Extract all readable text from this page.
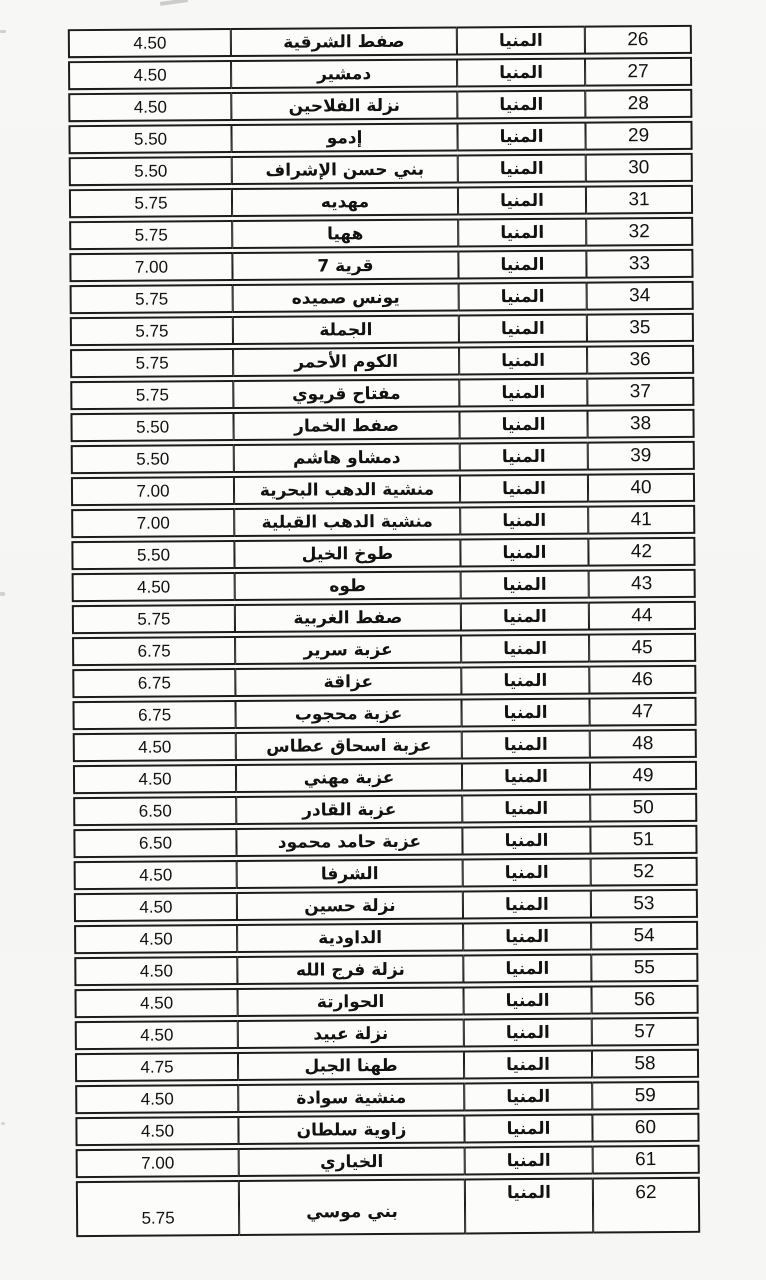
26	المنيا	صفط الشرقية	4.50
27	المنيا	دمشير	4.50
28	المنيا	نزلة الفلاحين	4.50
29	المنيا	إدمو	5.50
30	المنيا	بني حسن الإشراف	5.50
31	المنيا	مهديه	5.75
32	المنيا	ههيا	5.75
33	المنيا	قرية 7	7.00
34	المنيا	يونس صميده	5.75
35	المنيا	الجملة	5.75
36	المنيا	الكوم الأحمر	5.75
37	المنيا	مفتاح قريوي	5.75
38	المنيا	صفط الخمار	5.50
39	المنيا	دمشاو هاشم	5.50
40	المنيا	منشية الدهب البحرية	7.00
41	المنيا	منشية الدهب القبلية	7.00
42	المنيا	طوخ الخيل	5.50
43	المنيا	طوه	4.50
44	المنيا	صفط الغربية	5.75
45	المنيا	عزبة سرير	6.75
46	المنيا	عزاقة	6.75
47	المنيا	عزبة محجوب	6.75
48	المنيا	عزبة اسحاق عطاس	4.50
49	المنيا	عزبة مهني	4.50
50	المنيا	عزبة القادر	6.50
51	المنيا	عزبة حامد محمود	6.50
52	المنيا	الشرفا	4.50
53	المنيا	نزلة حسين	4.50
54	المنيا	الداودية	4.50
55	المنيا	نزلة فرج الله	4.50
56	المنيا	الحوارتة	4.50
57	المنيا	نزلة عبيد	4.50
58	المنيا	طهنا الجبل	4.75
59	المنيا	منشية سوادة	4.50
60	المنيا	زاوية سلطان	4.50
61	المنيا	الخياري	7.00
62	المنيا	بني موسي	5.75
